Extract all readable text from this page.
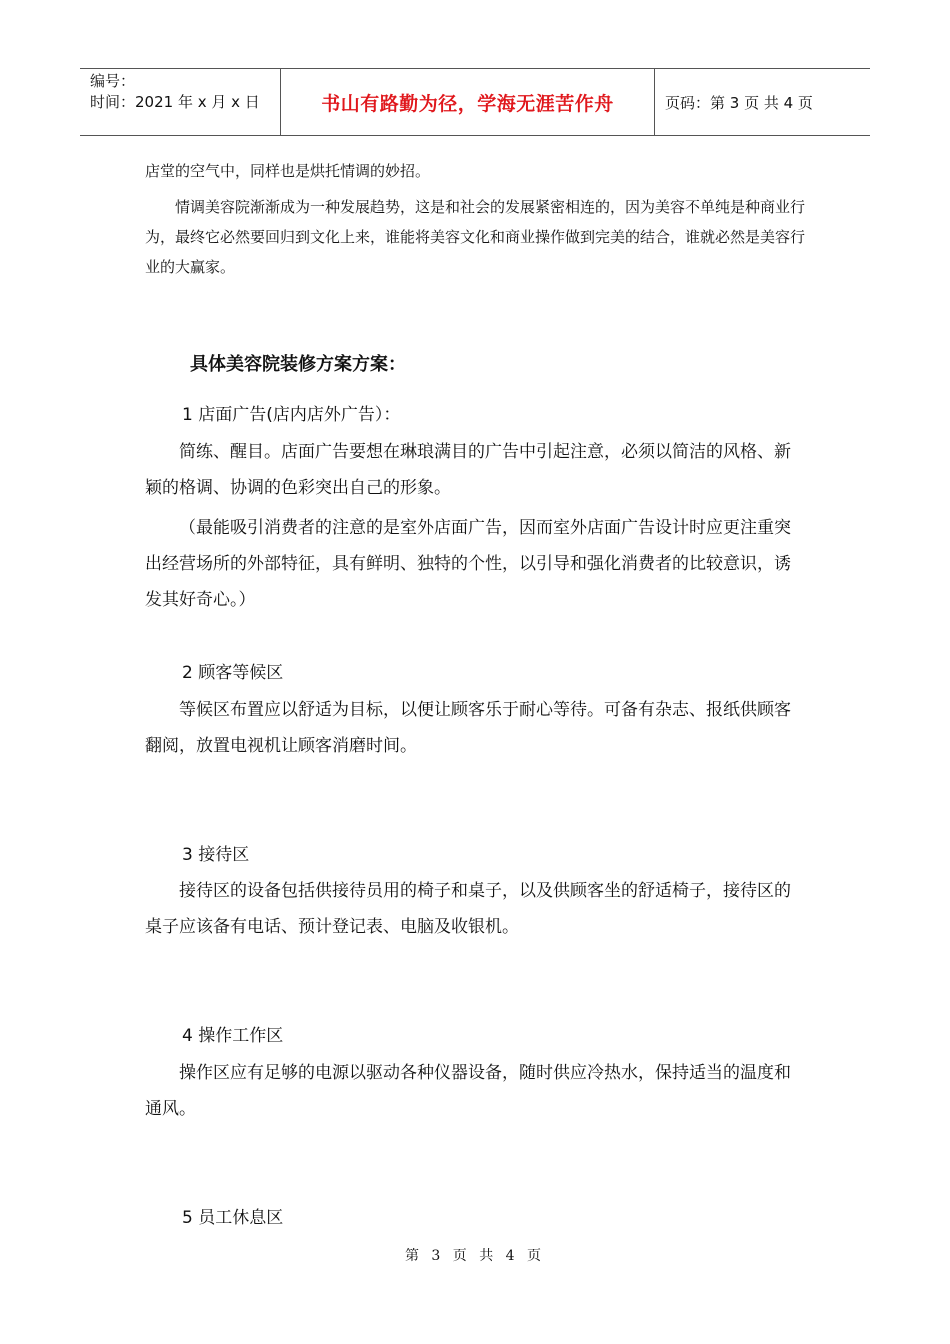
编号：
时间：2021 年 x 月 x 日	书山有路勤为径，学海无涯苦作舟	页码：第 3 页 共 4 页

店堂的空气中，同样也是烘托情调的妙招。

情调美容院渐渐成为一种发展趋势，这是和社会的发展紧密相连的，因为美容不单纯是种商业行为，最终它必然要回归到文化上来，谁能将美容文化和商业操作做到完美的结合，谁就必然是美容行业的大赢家。

具体美容院装修方案方案：
1 店面广告(店内店外广告）：

简练、醒目。店面广告要想在琳琅满目的广告中引起注意，必须以简洁的风格、新颖的格调、协调的色彩突出自己的形象。

（最能吸引消费者的注意的是室外店面广告，因而室外店面广告设计时应更注重突出经营场所的外部特征，具有鲜明、独特的个性，以引导和强化消费者的比较意识，诱发其好奇心。）

2 顾客等候区

等候区布置应以舒适为目标，以便让顾客乐于耐心等待。可备有杂志、报纸供顾客翻阅，放置电视机让顾客消磨时间。

3 接待区

接待区的设备包括供接待员用的椅子和桌子，以及供顾客坐的舒适椅子，接待区的桌子应该备有电话、预计登记表、电脑及收银机。

4 操作工作区

操作区应有足够的电源以驱动各种仪器设备，随时供应冷热水，保持适当的温度和通风。

5 员工休息区
第 3 页 共 4 页
